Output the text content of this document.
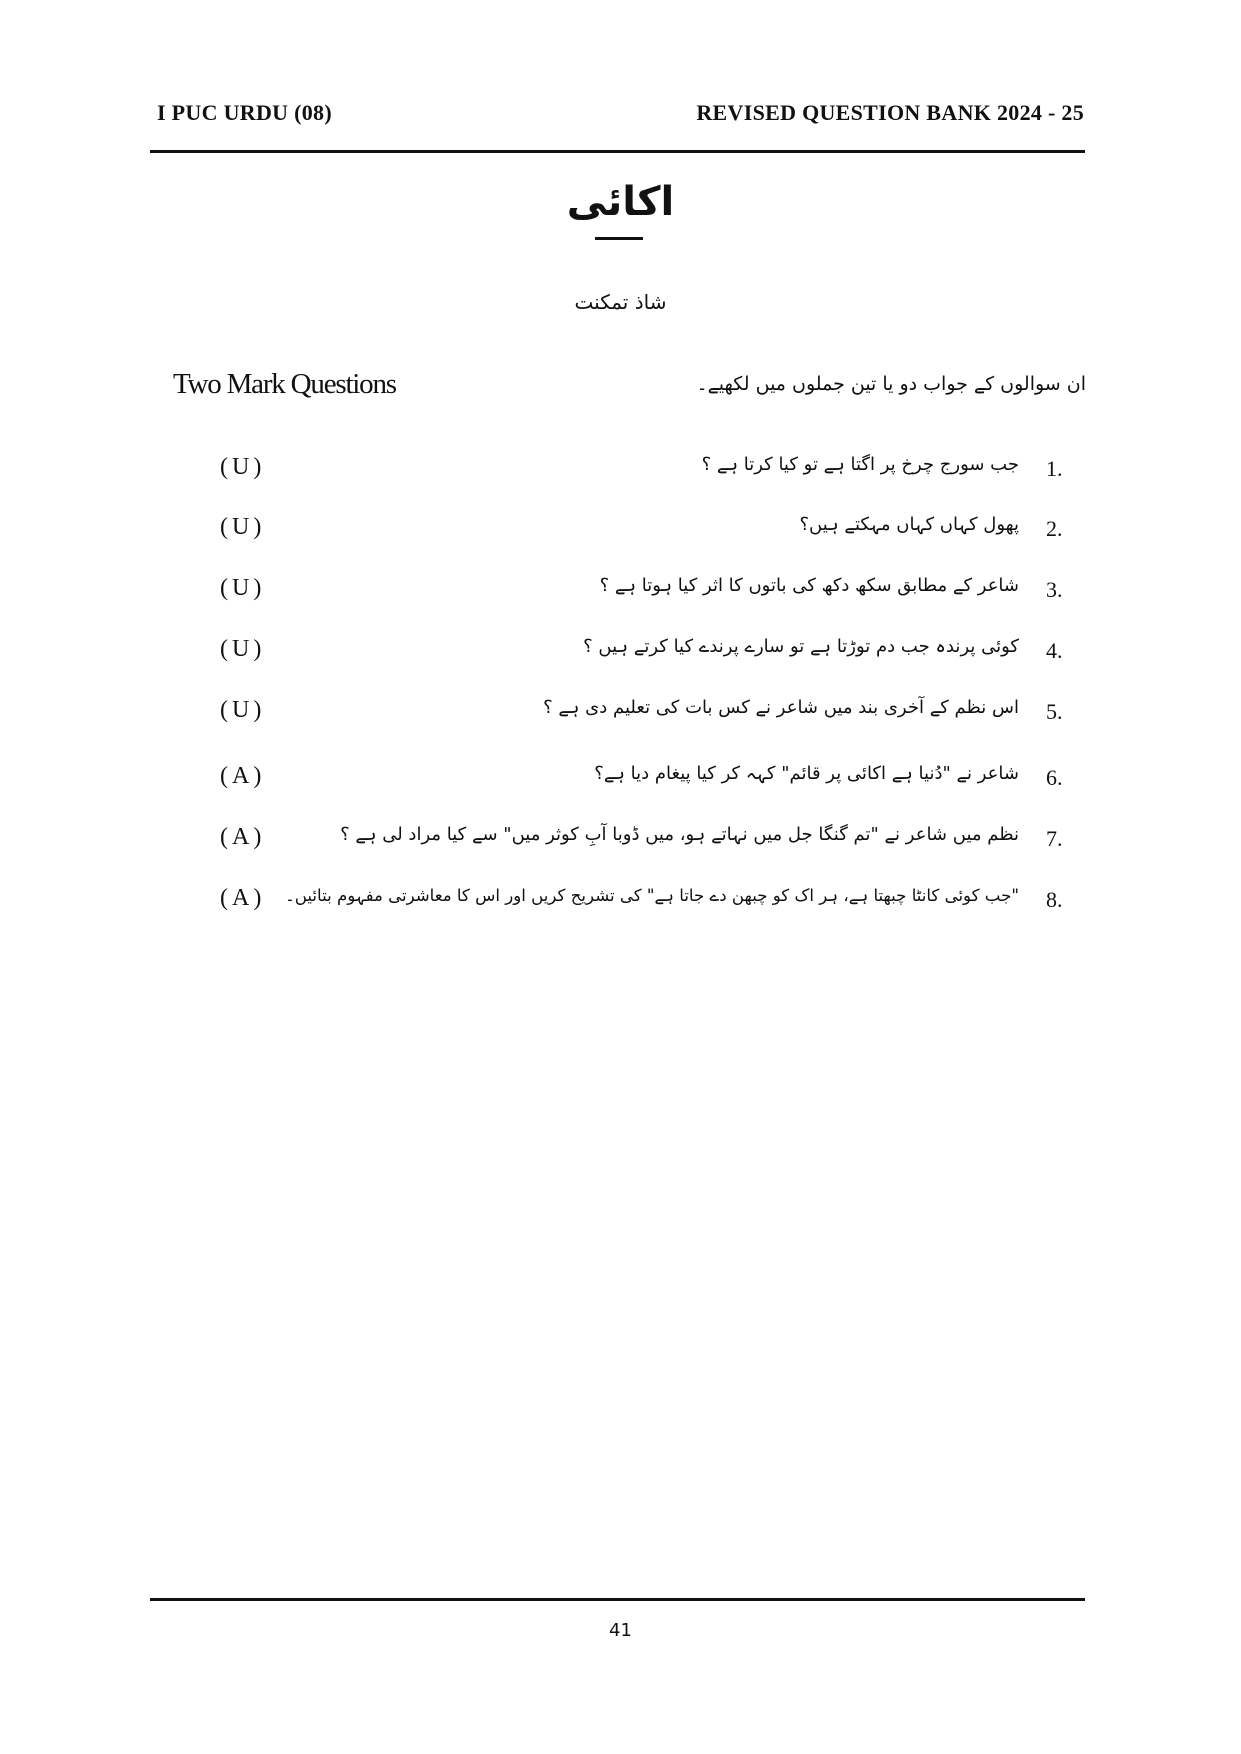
I PUC URDU (08)	REVISED QUESTION BANK 2024 - 25
اکائی
شاذ تمکنت
Two Mark Questions	ان سوالوں کے جواب دو یا تین جملوں میں لکھیے۔
1.
جب سورج چرخ پر اگتا ہے تو کیا کرتا ہے ؟
(U)
2.
پھول کہاں کہاں مہکتے ہیں؟
(U)
3.
شاعر کے مطابق سکھ دکھ کی باتوں کا اثر کیا ہوتا ہے ؟
(U)
4.
کوئی پرندہ جب دم توڑتا ہے تو سارے پرندے کیا کرتے ہیں ؟
(U)
5.
اس نظم کے آخری بند میں شاعر نے کس بات کی تعلیم دی ہے ؟
(U)
6.
شاعر نے "دُنیا ہے اکائی پر قائم" کہہ کر کیا پیغام دیا ہے؟
(A)
7.
نظم میں شاعر نے "تم گنگا جل میں نہاتے ہو، میں ڈوبا آبِ کوثر میں" سے کیا مراد لی ہے ؟
(A)
8.
"جب کوئی کانٹا چبھتا ہے، ہر اک کو چبھن دے جاتا ہے" کی تشریح کریں اور اس کا معاشرتی مفہوم بتائیں۔
(A)
41
